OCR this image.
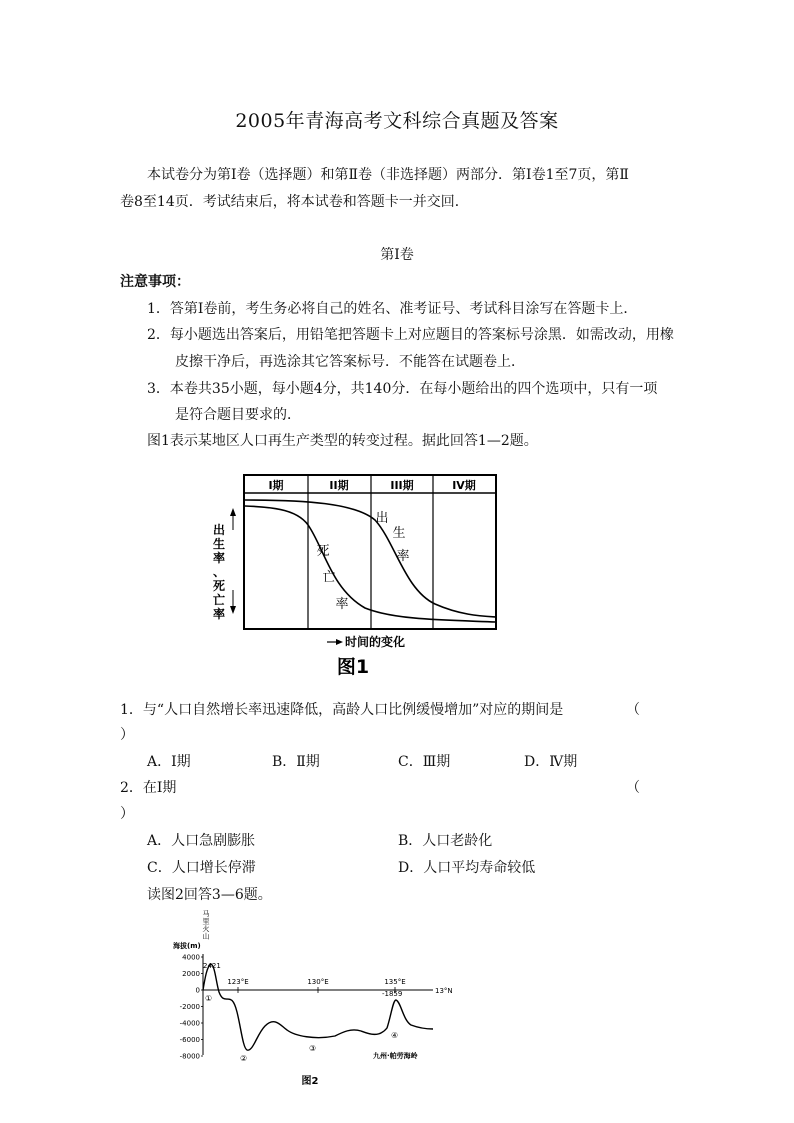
2005年青海高考文科综合真题及答案
本试卷分为第Ⅰ卷（选择题）和第Ⅱ卷（非选择题）两部分．第Ⅰ卷1至7页，第Ⅱ
卷8至14页．考试结束后，将本试卷和答题卡一并交回．
第Ⅰ卷
注意事项：
1．答第Ⅰ卷前，考生务必将自己的姓名、准考证号、考试科目涂写在答题卡上．
2．每小题选出答案后，用铅笔把答题卡上对应题目的答案标号涂黑．如需改动，用橡
皮擦干净后，再选涂其它答案标号．不能答在试题卷上．
3．本卷共35小题，每小题4分，共140分．在每小题给出的四个选项中，只有一项
是符合题目要求的．
图1表示某地区人口再生产类型的转变过程。据此回答1—2题。
Ⅰ期	ⅠⅠ期	ⅠⅠⅠ期	ⅠⅤ期
死
亡
率
出
生
率
出
生
率
、
死
亡
率
时间的变化
图1
1．与“人口自然增长率迅速降低，高龄人口比例缓慢增加”对应的期间是	（
）
A．Ⅰ期	B．Ⅱ期	C．Ⅲ期	D．Ⅳ期
2．在Ⅰ期	（
）
A．人口急剧膨胀	B．人口老龄化
C．人口增长停滞	D．人口平均寿命较低
读图2回答3—6题。
马
里
火
山
海拔(m)
4000
2000
0
-2000
-4000
-6000
-8000
123°E	130°E	135°E
13°N
2421
-1859
①
②
③
④
九州·帕劳海岭
图2
